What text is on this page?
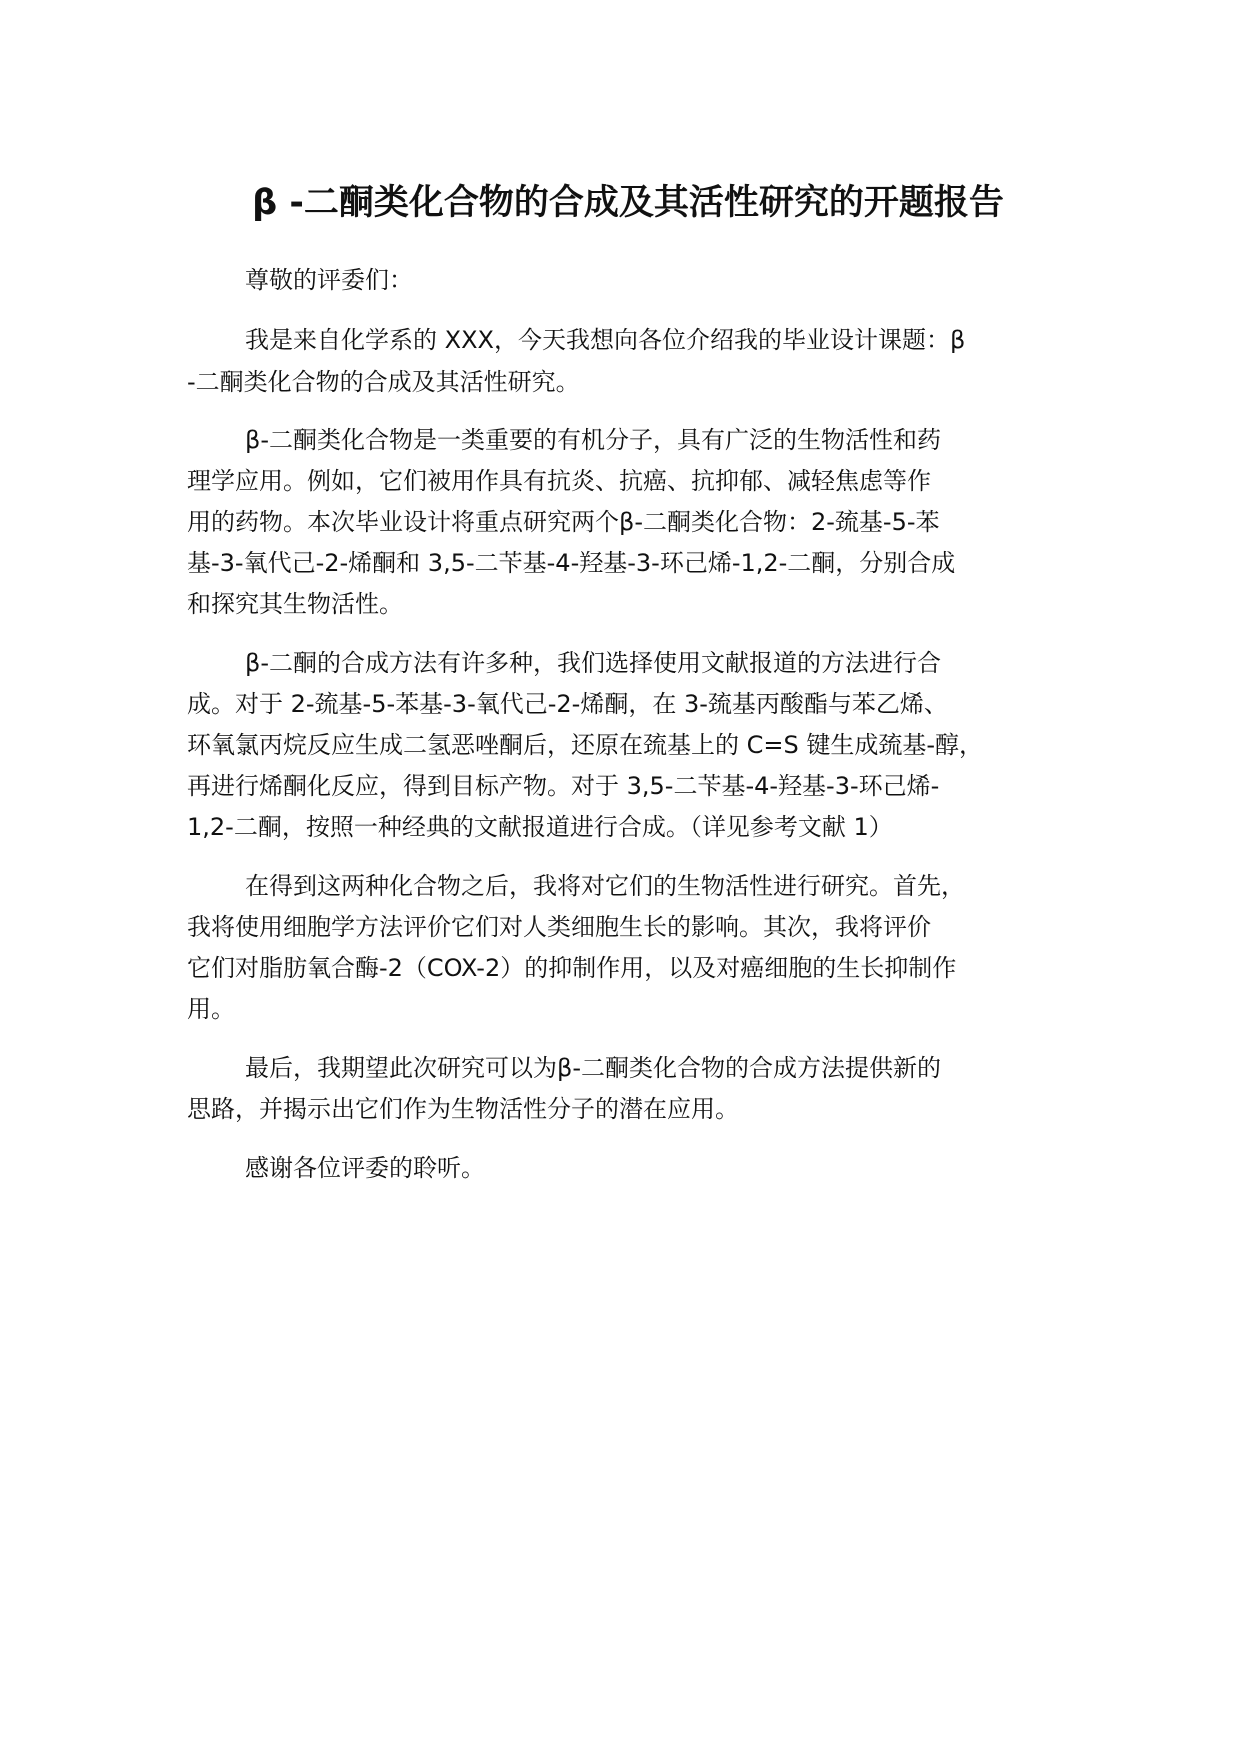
β -二酮类化合物的合成及其活性研究的开题报告
尊敬的评委们：
我是来自化学系的 XXX，今天我想向各位介绍我的毕业设计课题：β
-二酮类化合物的合成及其活性研究。
β-二酮类化合物是一类重要的有机分子，具有广泛的生物活性和药
理学应用。例如，它们被用作具有抗炎、抗癌、抗抑郁、减轻焦虑等作
用的药物。本次毕业设计将重点研究两个β-二酮类化合物：2-巯基-5-苯
基-3-氧代己-2-烯酮和 3,5-二苄基-4-羟基-3-环己烯-1,2-二酮，分别合成
和探究其生物活性。
β-二酮的合成方法有许多种，我们选择使用文献报道的方法进行合
成。对于 2-巯基-5-苯基-3-氧代己-2-烯酮，在 3-巯基丙酸酯与苯乙烯、
环氧氯丙烷反应生成二氢恶唑酮后，还原在巯基上的 C=S 键生成巯基-醇，
再进行烯酮化反应，得到目标产物。对于 3,5-二苄基-4-羟基-3-环己烯-
1,2-二酮，按照一种经典的文献报道进行合成。（详见参考文献 1）
在得到这两种化合物之后，我将对它们的生物活性进行研究。首先，
我将使用细胞学方法评价它们对人类细胞生长的影响。其次，我将评价
它们对脂肪氧合酶-2（COX-2）的抑制作用，以及对癌细胞的生长抑制作
用。
最后，我期望此次研究可以为β-二酮类化合物的合成方法提供新的
思路，并揭示出它们作为生物活性分子的潜在应用。
感谢各位评委的聆听。
